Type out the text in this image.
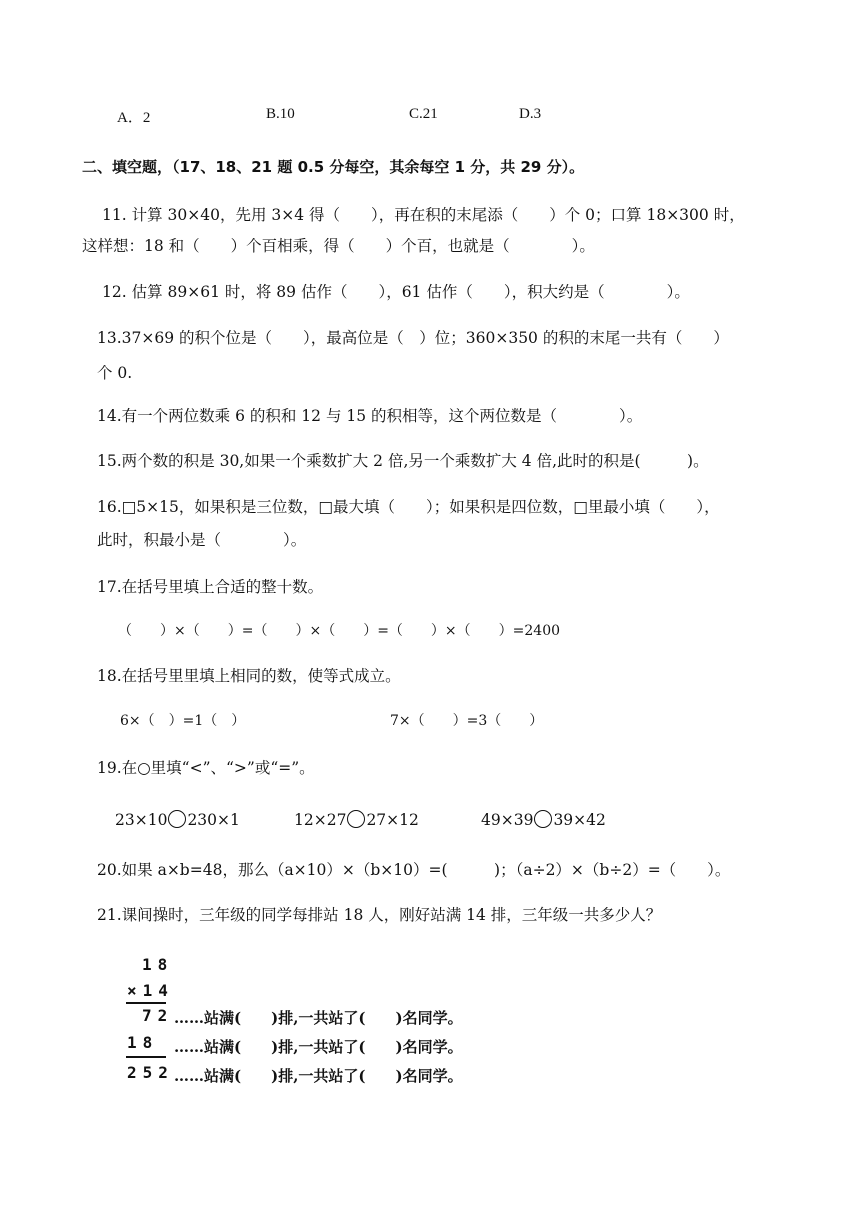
A．2	B.10	C.21	D.3
二、填空题，（17、18、21 题 0.5 分每空，其余每空 1 分，共 29 分）。
11. 计算 30×40，先用 3×4 得（　　），再在积的末尾添（　　）个 0；口算 18×300 时，
这样想：18 和（　　）个百相乘，得（　　）个百，也就是（　　　　）。
12. 估算 89×61 时，将 89 估作（　　），61 估作（　　），积大约是（　　　　）。
13.37×69 的积个位是（　　），最高位是（　）位；360×350 的积的末尾一共有（　　）
个 0.
14.有一个两位数乘 6 的积和 12 与 15 的积相等，这个两位数是（　　　　）。
15.两个数的积是 30,如果一个乘数扩大 2 倍,另一个乘数扩大 4 倍,此时的积是(　　　)。
16.□5×15，如果积是三位数，□最大填（　　）；如果积是四位数，□里最小填（　　），
此时，积最小是（　　　　）。
17.在括号里填上合适的整十数。
（　　）×（　　）=（　　）×（　　）=（　　）×（　　）=2400
18.在括号里里填上相同的数，使等式成立。
6×（　）=1（　）	7×（　　）=3（　　）
19.在○里填“<”、“>”或“=”。
23×10 230×1	12×27 27×12	49×39 39×42
20.如果 a×b=48，那么（a×10）×（b×10）=(　　　)；（a÷2）×（b÷2）=（　　）。
21.课间操时，三年级的同学每排站 18 人，刚好站满 14 排，三年级一共多少人？
18
×14
72
18
252
……站满(　　)排,一共站了(　　)名同学。
……站满(　　)排,一共站了(　　)名同学。
……站满(　　)排,一共站了(　　)名同学。
